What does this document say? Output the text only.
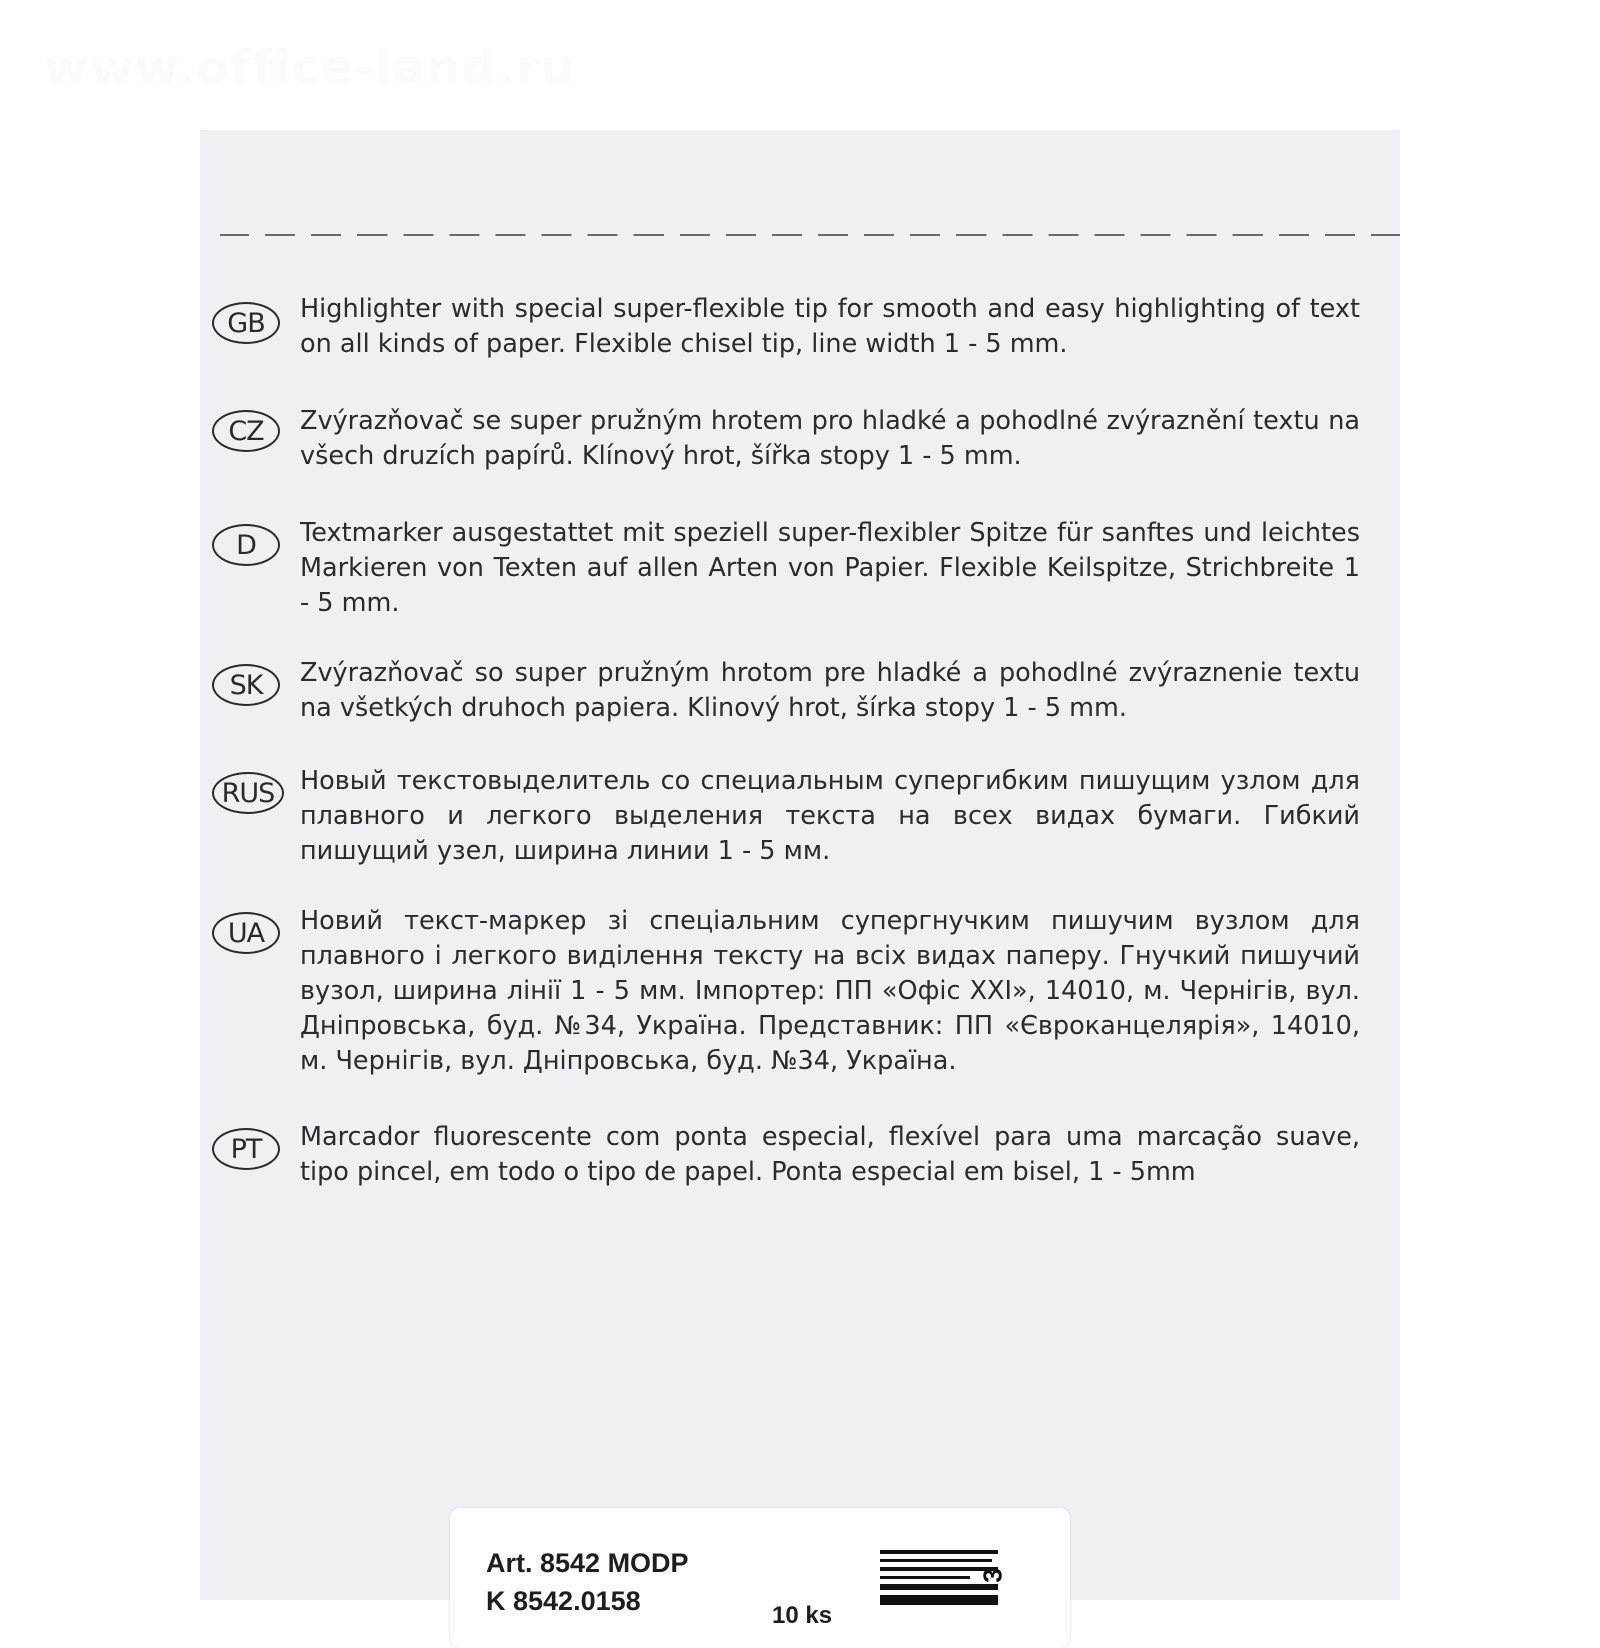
www.office-land.ru
GB	Highlighter with special super-flexible tip for smooth and easy highlighting of text on all kinds of paper. Flexible chisel tip, line width 1 - 5 mm.

CZ	Zvýrazňovač se super pružným hrotem pro hladké a pohodlné zvýraznění textu na všech druzích papírů. Klínový hrot, šířka stopy 1 - 5 mm.

D	Textmarker ausgestattet mit speziell super-flexibler Spitze für sanftes und leichtes Markieren von Texten auf allen Arten von Papier. Flexible Keilspitze, Strichbreite 1 - 5 mm.

SK	Zvýrazňovač so super pružným hrotom pre hladké a pohodlné zvýraznenie textu na všetkých druhoch papiera. Klinový hrot, šírka stopy 1 - 5 mm.

RUS	Новый текстовыделитель со специальным супергибким пишущим узлом для плавного и легкого выделения текста на всех видах бумаги. Гибкий пишущий узел, ширина линии 1 - 5 мм.

UA	Новий текст-маркер зі спеціальним супергнучким пишучим вузлом для плавного і легкого виділення тексту на всіх видах паперу. Гнучкий пишучий вузол, ширина лінії 1 - 5 мм. Імпортер: ПП «Офіс XXI», 14010, м. Чернігів, вул. Дніпровська, буд. №34, Україна. Представник: ПП «Євроканцелярія», 14010, м. Чернігів, вул. Дніпровська, буд. №34, Україна.

PT	Marcador fluorescente com ponta especial, flexível para uma marcação suave, tipo pincel, em todo o tipo de papel. Ponta especial em bisel, 1 - 5mm

Art. 8542 MODP
K 8542.0158	10 ks
3
